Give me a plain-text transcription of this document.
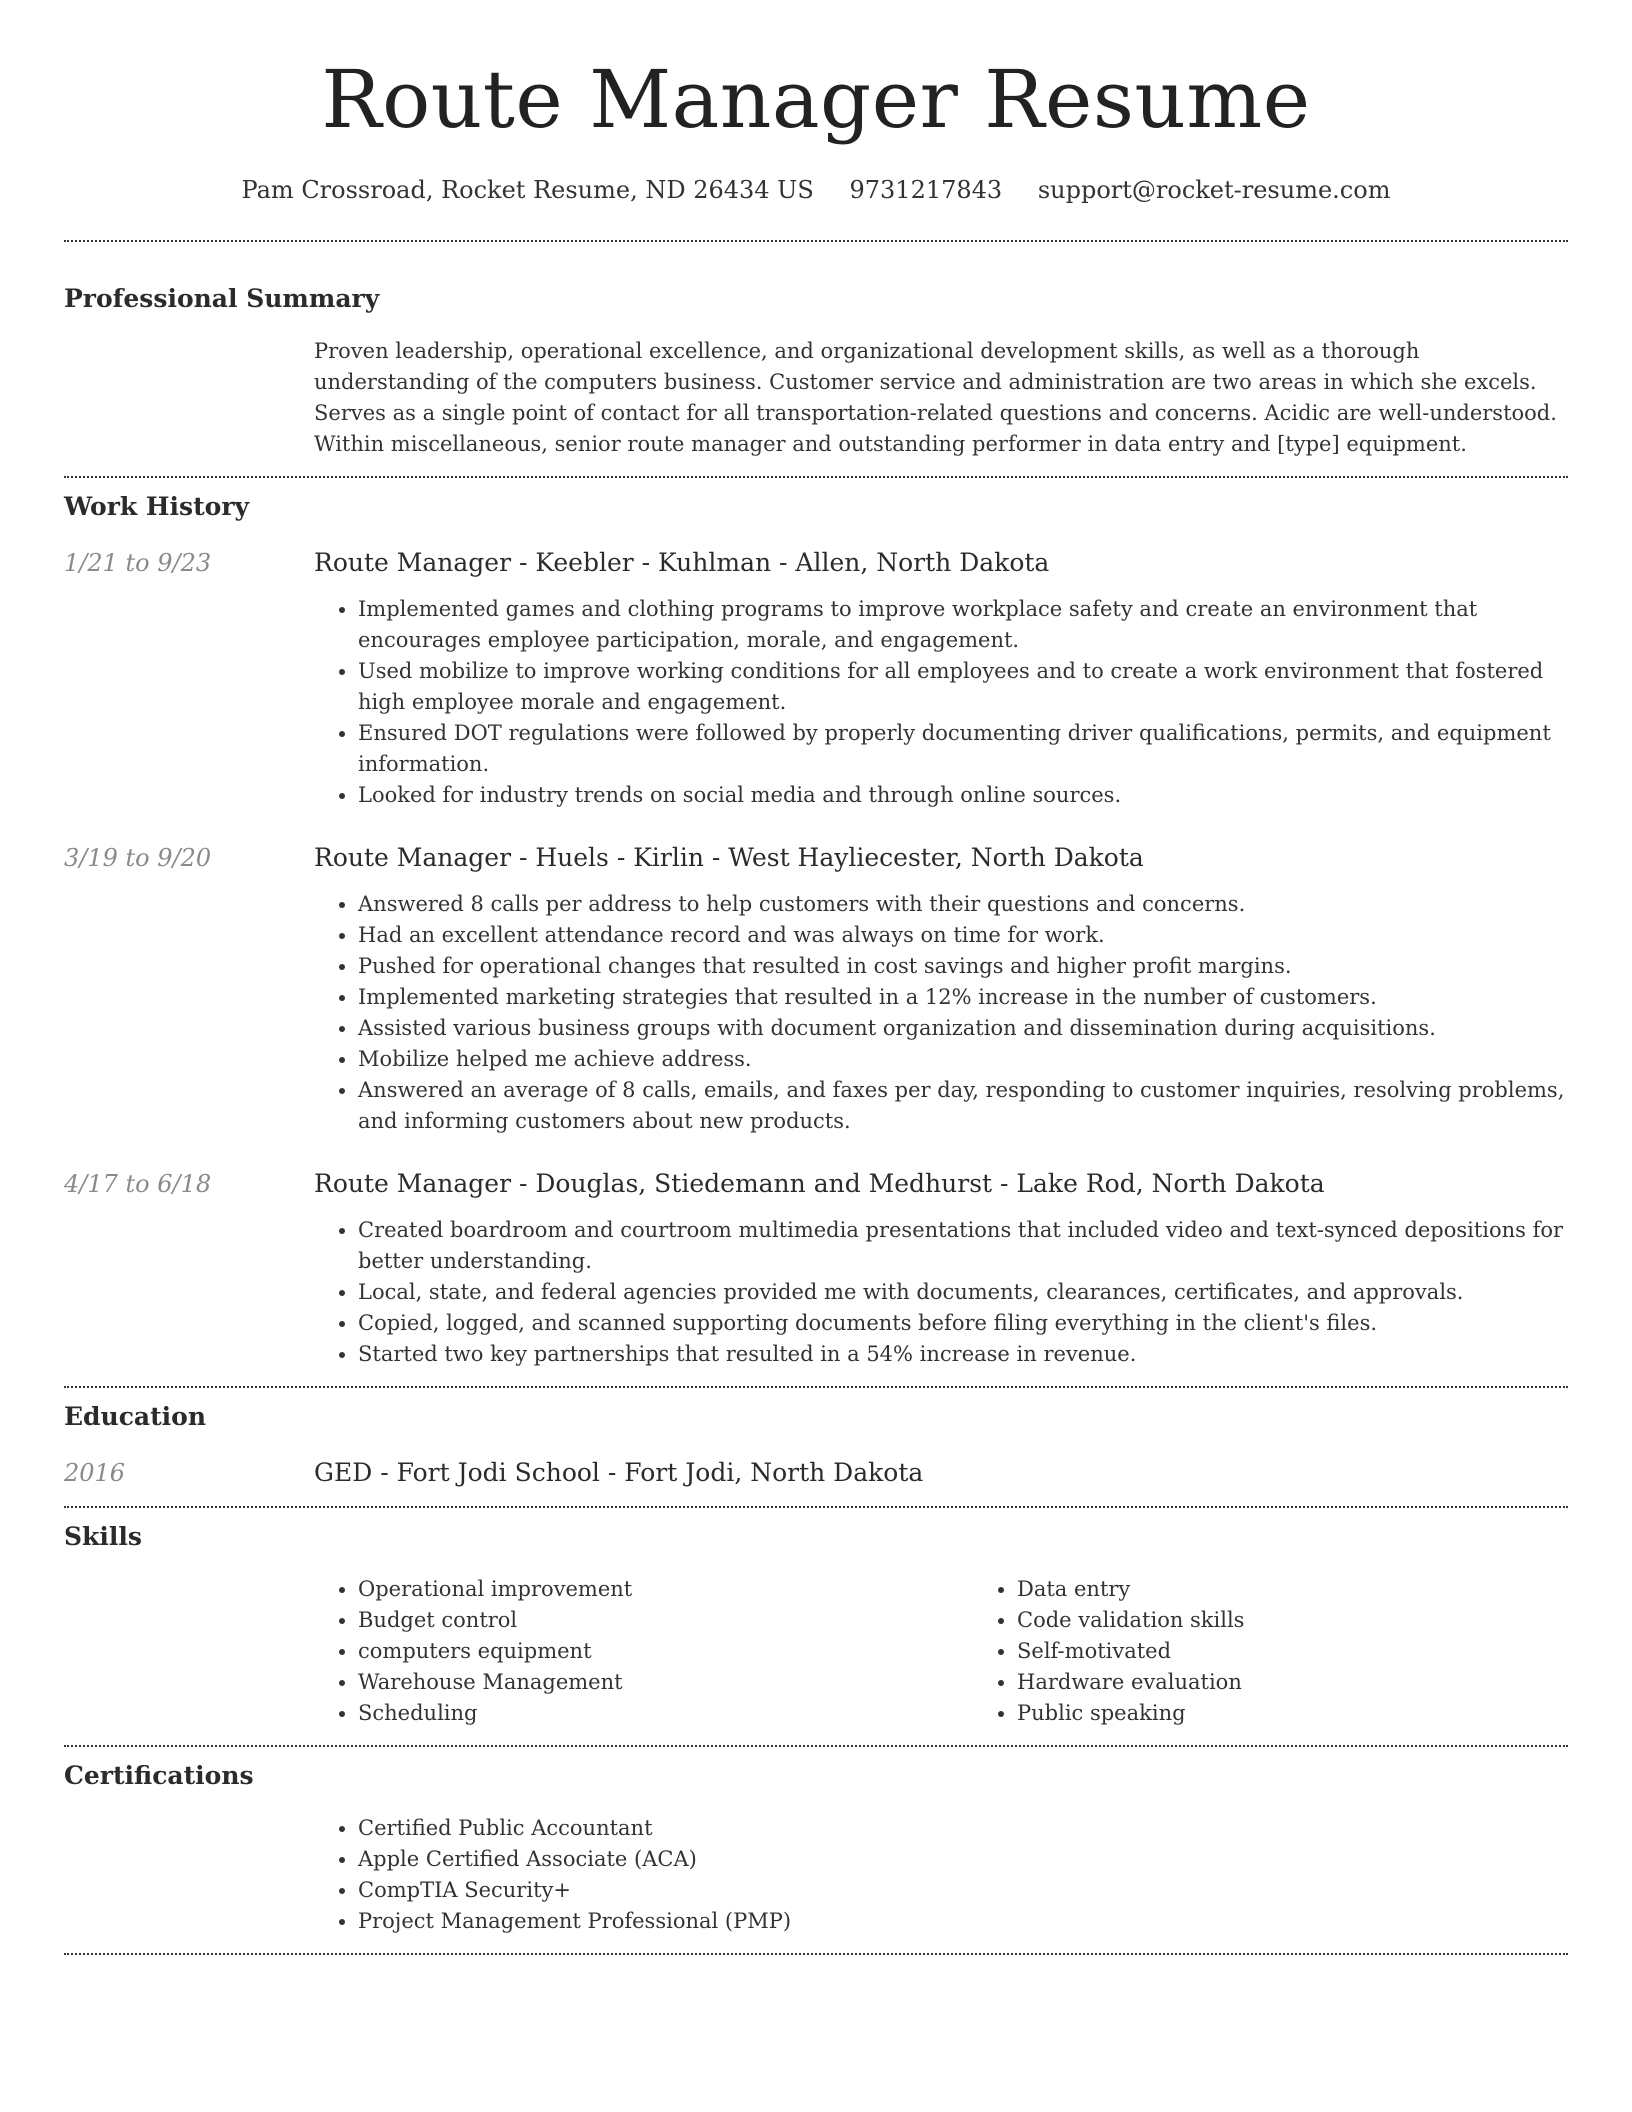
Route Manager Resume
Pam Crossroad, Rocket Resume, ND 26434 US 9731217843 support@rocket-resume.com
Professional Summary

Proven leadership, operational excellence, and organizational development skills, as well as a thorough understanding of the computers business. Customer service and administration are two areas in which she excels. Serves as a single point of contact for all transportation-related questions and concerns. Acidic are well-understood. Within miscellaneous, senior route manager and outstanding performer in data entry and [type] equipment.

Work History
1/21 to 9/23	Route Manager - Keebler - Kuhlman - Allen, North Dakota
• Implemented games and clothing programs to improve workplace safety and create an environment that encourages employee participation, morale, and engagement.
• Used mobilize to improve working conditions for all employees and to create a work environment that fostered high employee morale and engagement.
• Ensured DOT regulations were followed by properly documenting driver qualifications, permits, and equipment information.
• Looked for industry trends on social media and through online sources.
3/19 to 9/20	Route Manager - Huels - Kirlin - West Hayliecester, North Dakota
• Answered 8 calls per address to help customers with their questions and concerns.
• Had an excellent attendance record and was always on time for work.
• Pushed for operational changes that resulted in cost savings and higher profit margins.
• Implemented marketing strategies that resulted in a 12% increase in the number of customers.
• Assisted various business groups with document organization and dissemination during acquisitions.
• Mobilize helped me achieve address.
• Answered an average of 8 calls, emails, and faxes per day, responding to customer inquiries, resolving problems, and informing customers about new products.
4/17 to 6/18	Route Manager - Douglas, Stiedemann and Medhurst - Lake Rod, North Dakota
• Created boardroom and courtroom multimedia presentations that included video and text-synced depositions for better understanding.
• Local, state, and federal agencies provided me with documents, clearances, certificates, and approvals.
• Copied, logged, and scanned supporting documents before filing everything in the client's files.
• Started two key partnerships that resulted in a 54% increase in revenue.
Education
2016	GED - Fort Jodi School - Fort Jodi, North Dakota
Skills
• Operational improvement
• Budget control
• computers equipment
• Warehouse Management
• Scheduling
• Data entry
• Code validation skills
• Self-motivated
• Hardware evaluation
• Public speaking
Certifications
• Certified Public Accountant
• Apple Certified Associate (ACA)
• CompTIA Security+
• Project Management Professional (PMP)
